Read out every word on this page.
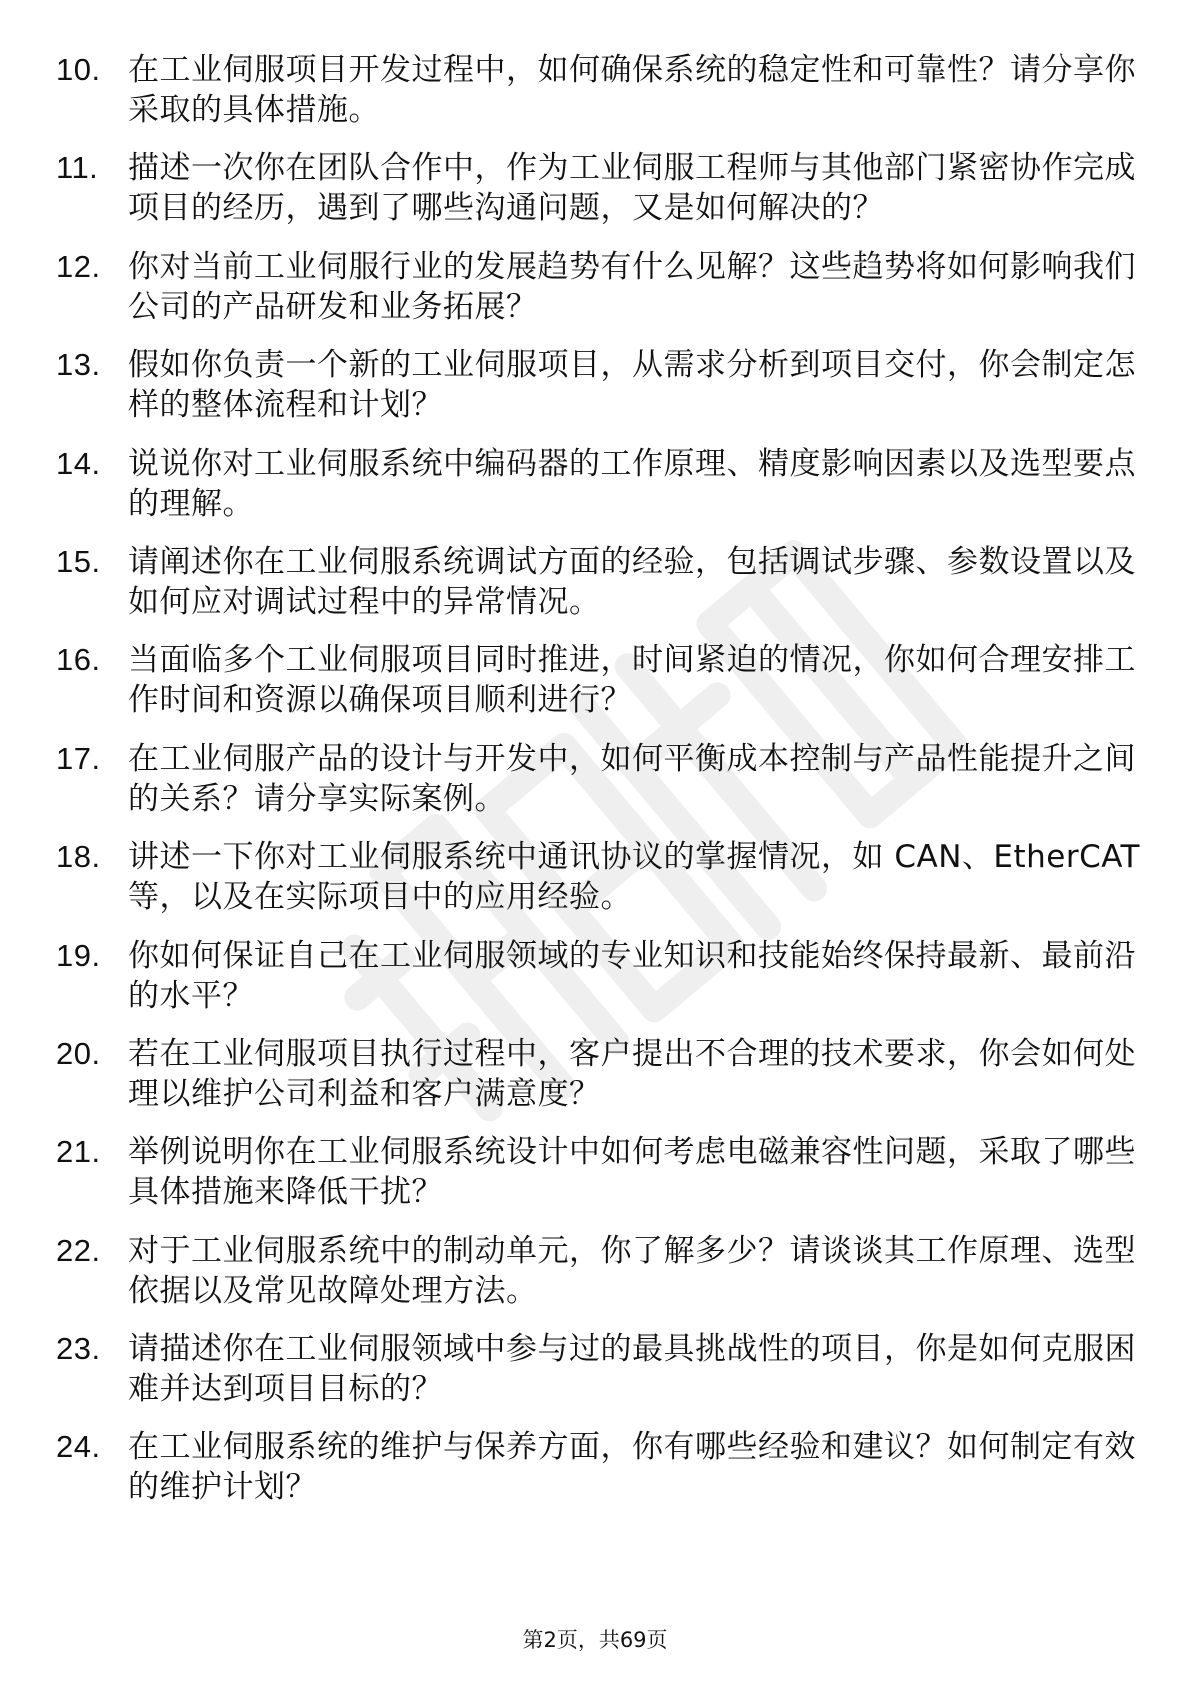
10. 在工业伺服项目开发过程中，如何确保系统的稳定性和可靠性？请分享你采取的具体措施。
11. 描述一次你在团队合作中，作为工业伺服工程师与其他部门紧密协作完成项目的经历，遇到了哪些沟通问题，又是如何解决的？
12. 你对当前工业伺服行业的发展趋势有什么见解？这些趋势将如何影响我们公司的产品研发和业务拓展？
13. 假如你负责一个新的工业伺服项目，从需求分析到项目交付，你会制定怎样的整体流程和计划？
14. 说说你对工业伺服系统中编码器的工作原理、精度影响因素以及选型要点的理解。
15. 请阐述你在工业伺服系统调试方面的经验，包括调试步骤、参数设置以及如何应对调试过程中的异常情况。
16. 当面临多个工业伺服项目同时推进，时间紧迫的情况，你如何合理安排工作时间和资源以确保项目顺利进行？
17. 在工业伺服产品的设计与开发中，如何平衡成本控制与产品性能提升之间的关系？请分享实际案例。
18. 讲述一下你对工业伺服系统中通讯协议的掌握情况，如 CAN、EtherCAT 等，以及在实际项目中的应用经验。
19. 你如何保证自己在工业伺服领域的专业知识和技能始终保持最新、最前沿的水平？
20. 若在工业伺服项目执行过程中，客户提出不合理的技术要求，你会如何处理以维护公司利益和客户满意度？
21. 举例说明你在工业伺服系统设计中如何考虑电磁兼容性问题，采取了哪些具体措施来降低干扰？
22. 对于工业伺服系统中的制动单元，你了解多少？请谈谈其工作原理、选型依据以及常见故障处理方法。
23. 请描述你在工业伺服领域中参与过的最具挑战性的项目，你是如何克服困难并达到项目目标的？
24. 在工业伺服系统的维护与保养方面，你有哪些经验和建议？如何制定有效的维护计划？
第2页，共69页
